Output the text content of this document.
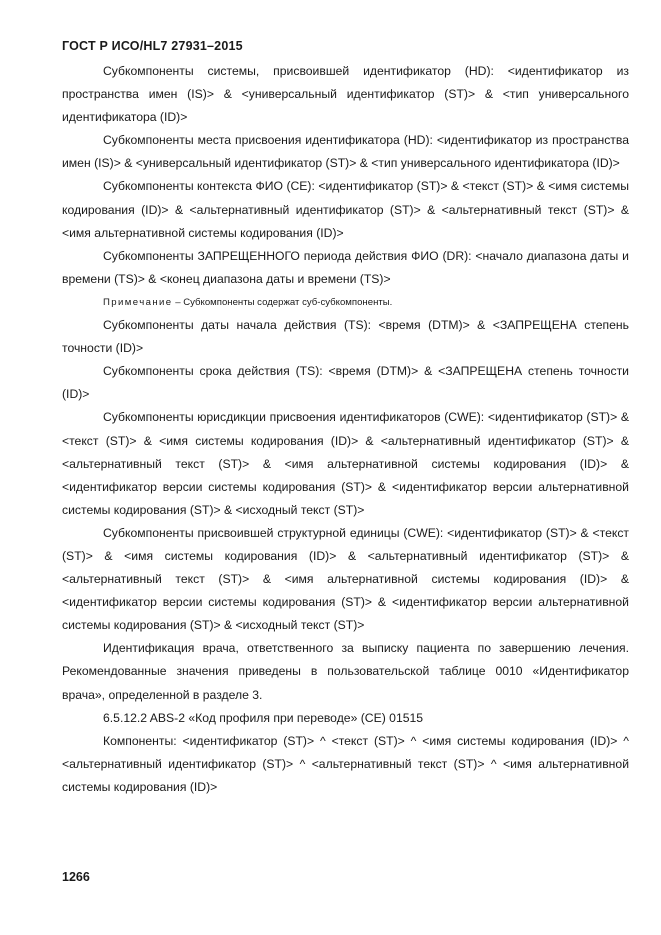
ГОСТ Р ИСО/HL7 27931–2015

Субкомпоненты системы, присвоившей идентификатор (HD): <идентификатор из пространства имен (IS)> & <универсальный идентификатор (ST)> & <тип универсального идентификатора (ID)>

Субкомпоненты места присвоения идентификатора (HD): <идентификатор из пространства имен (IS)> & <универсальный идентификатор (ST)> & <тип универсального идентификатора (ID)>

Субкомпоненты контекста ФИО (CE): <идентификатор (ST)> & <текст (ST)> & <имя системы кодирования (ID)> & <альтернативный идентификатор (ST)> & <альтернативный текст (ST)> & <имя альтернативной системы кодирования (ID)>

Субкомпоненты ЗАПРЕЩЕННОГО периода действия ФИО (DR): <начало диапазона даты и времени (TS)> & <конец диапазона даты и времени (TS)>

Примечание – Субкомпоненты содержат суб-субкомпоненты.

Субкомпоненты даты начала действия (TS): <время (DTM)> & <ЗАПРЕЩЕНА степень точности (ID)>

Субкомпоненты срока действия (TS): <время (DTM)> & <ЗАПРЕЩЕНА степень точности (ID)>

Субкомпоненты юрисдикции присвоения идентификаторов (CWE): <идентификатор (ST)> & <текст (ST)> & <имя системы кодирования (ID)> & <альтернативный идентификатор (ST)> & <альтернативный текст (ST)> & <имя альтернативной системы кодирования (ID)> & <идентификатор версии системы кодирования (ST)> & <идентификатор версии альтернативной системы кодирования (ST)> & <исходный текст (ST)>

Субкомпоненты присвоившей структурной единицы (CWE): <идентификатор (ST)> & <текст (ST)> & <имя системы кодирования (ID)> & <альтернативный идентификатор (ST)> & <альтернативный текст (ST)> & <имя альтернативной системы кодирования (ID)> & <идентификатор версии системы кодирования (ST)> & <идентификатор версии альтернативной системы кодирования (ST)> & <исходный текст (ST)>

Идентификация врача, ответственного за выписку пациента по завершению лечения. Рекомендованные значения приведены в пользовательской таблице 0010 «Идентификатор врача», определенной в разделе 3.

6.5.12.2 ABS-2 «Код профиля при переводе» (CE) 01515

Компоненты: <идентификатор (ST)> ^ <текст (ST)> ^ <имя системы кодирования (ID)> ^ <альтернативный идентификатор (ST)> ^ <альтернативный текст (ST)> ^ <имя альтернативной системы кодирования (ID)>

1266
